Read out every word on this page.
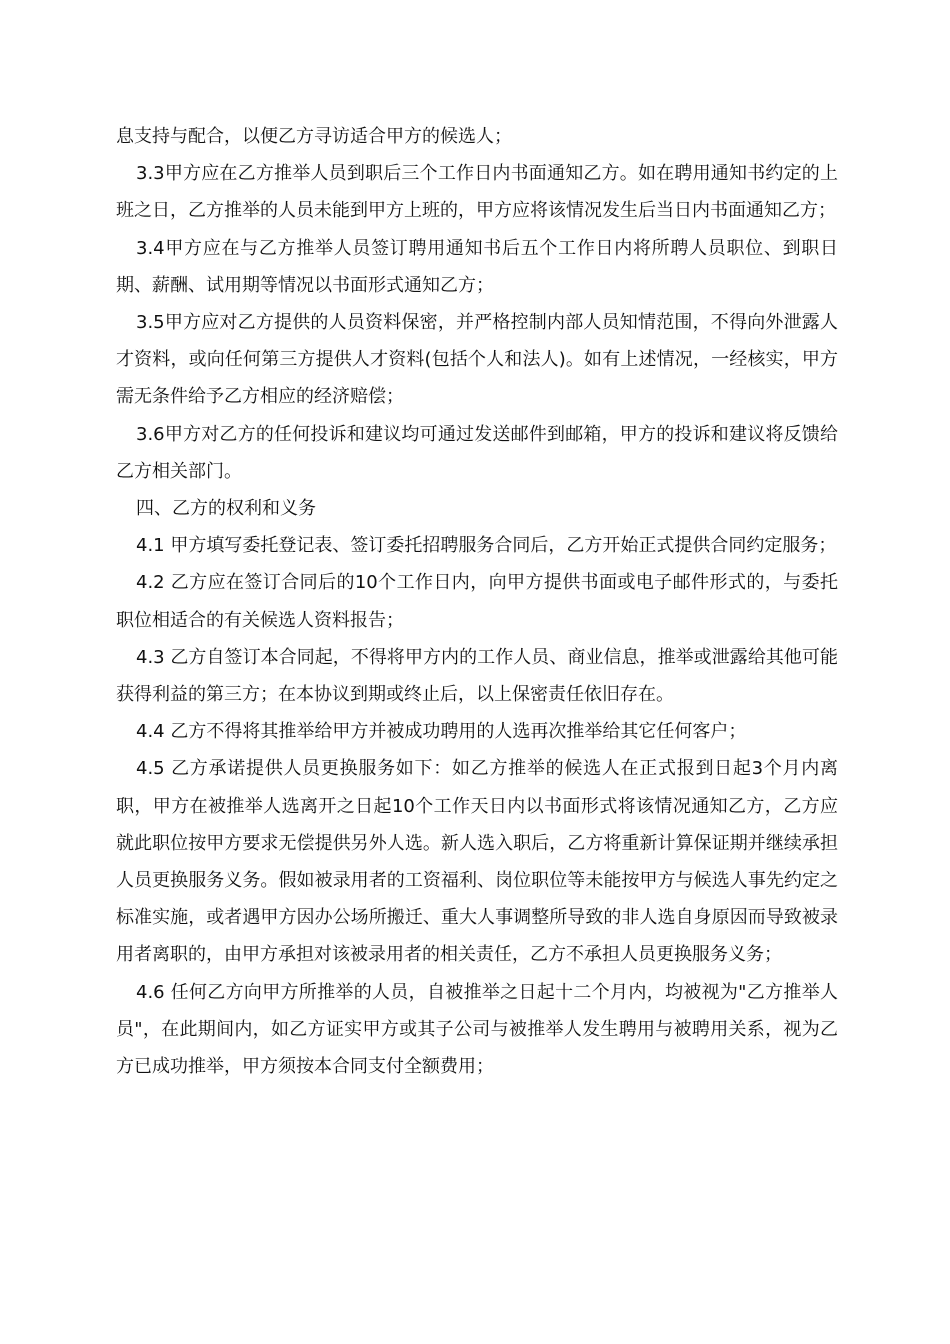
息支持与配合，以便乙方寻访适合甲方的候选人；

3.3甲方应在乙方推举人员到职后三个工作日内书面通知乙方。如在聘用通知书约定的上班之日，乙方推举的人员未能到甲方上班的，甲方应将该情况发生后当日内书面通知乙方；

3.4甲方应在与乙方推举人员签订聘用通知书后五个工作日内将所聘人员职位、到职日期、薪酬、试用期等情况以书面形式通知乙方；

3.5甲方应对乙方提供的人员资料保密，并严格控制内部人员知情范围，不得向外泄露人才资料，或向任何第三方提供人才资料(包括个人和法人)。如有上述情况，一经核实，甲方需无条件给予乙方相应的经济赔偿；

3.6甲方对乙方的任何投诉和建议均可通过发送邮件到邮箱，甲方的投诉和建议将反馈给乙方相关部门。

四、乙方的权利和义务

4.1 甲方填写委托登记表、签订委托招聘服务合同后，乙方开始正式提供合同约定服务；

4.2 乙方应在签订合同后的10个工作日内，向甲方提供书面或电子邮件形式的，与委托职位相适合的有关候选人资料报告；

4.3 乙方自签订本合同起，不得将甲方内的工作人员、商业信息，推举或泄露给其他可能获得利益的第三方；在本协议到期或终止后，以上保密责任依旧存在。

4.4 乙方不得将其推举给甲方并被成功聘用的人选再次推举给其它任何客户；

4.5 乙方承诺提供人员更换服务如下：如乙方推举的候选人在正式报到日起3个月内离职，甲方在被推举人选离开之日起10个工作天日内以书面形式将该情况通知乙方，乙方应就此职位按甲方要求无偿提供另外人选。新人选入职后，乙方将重新计算保证期并继续承担人员更换服务义务。假如被录用者的工资福利、岗位职位等未能按甲方与候选人事先约定之标准实施，或者遇甲方因办公场所搬迁、重大人事调整所导致的非人选自身原因而导致被录用者离职的，由甲方承担对该被录用者的相关责任，乙方不承担人员更换服务义务；

4.6 任何乙方向甲方所推举的人员，自被推举之日起十二个月内，均被视为"乙方推举人员"，在此期间内，如乙方证实甲方或其子公司与被推举人发生聘用与被聘用关系，视为乙方已成功推举，甲方须按本合同支付全额费用；
